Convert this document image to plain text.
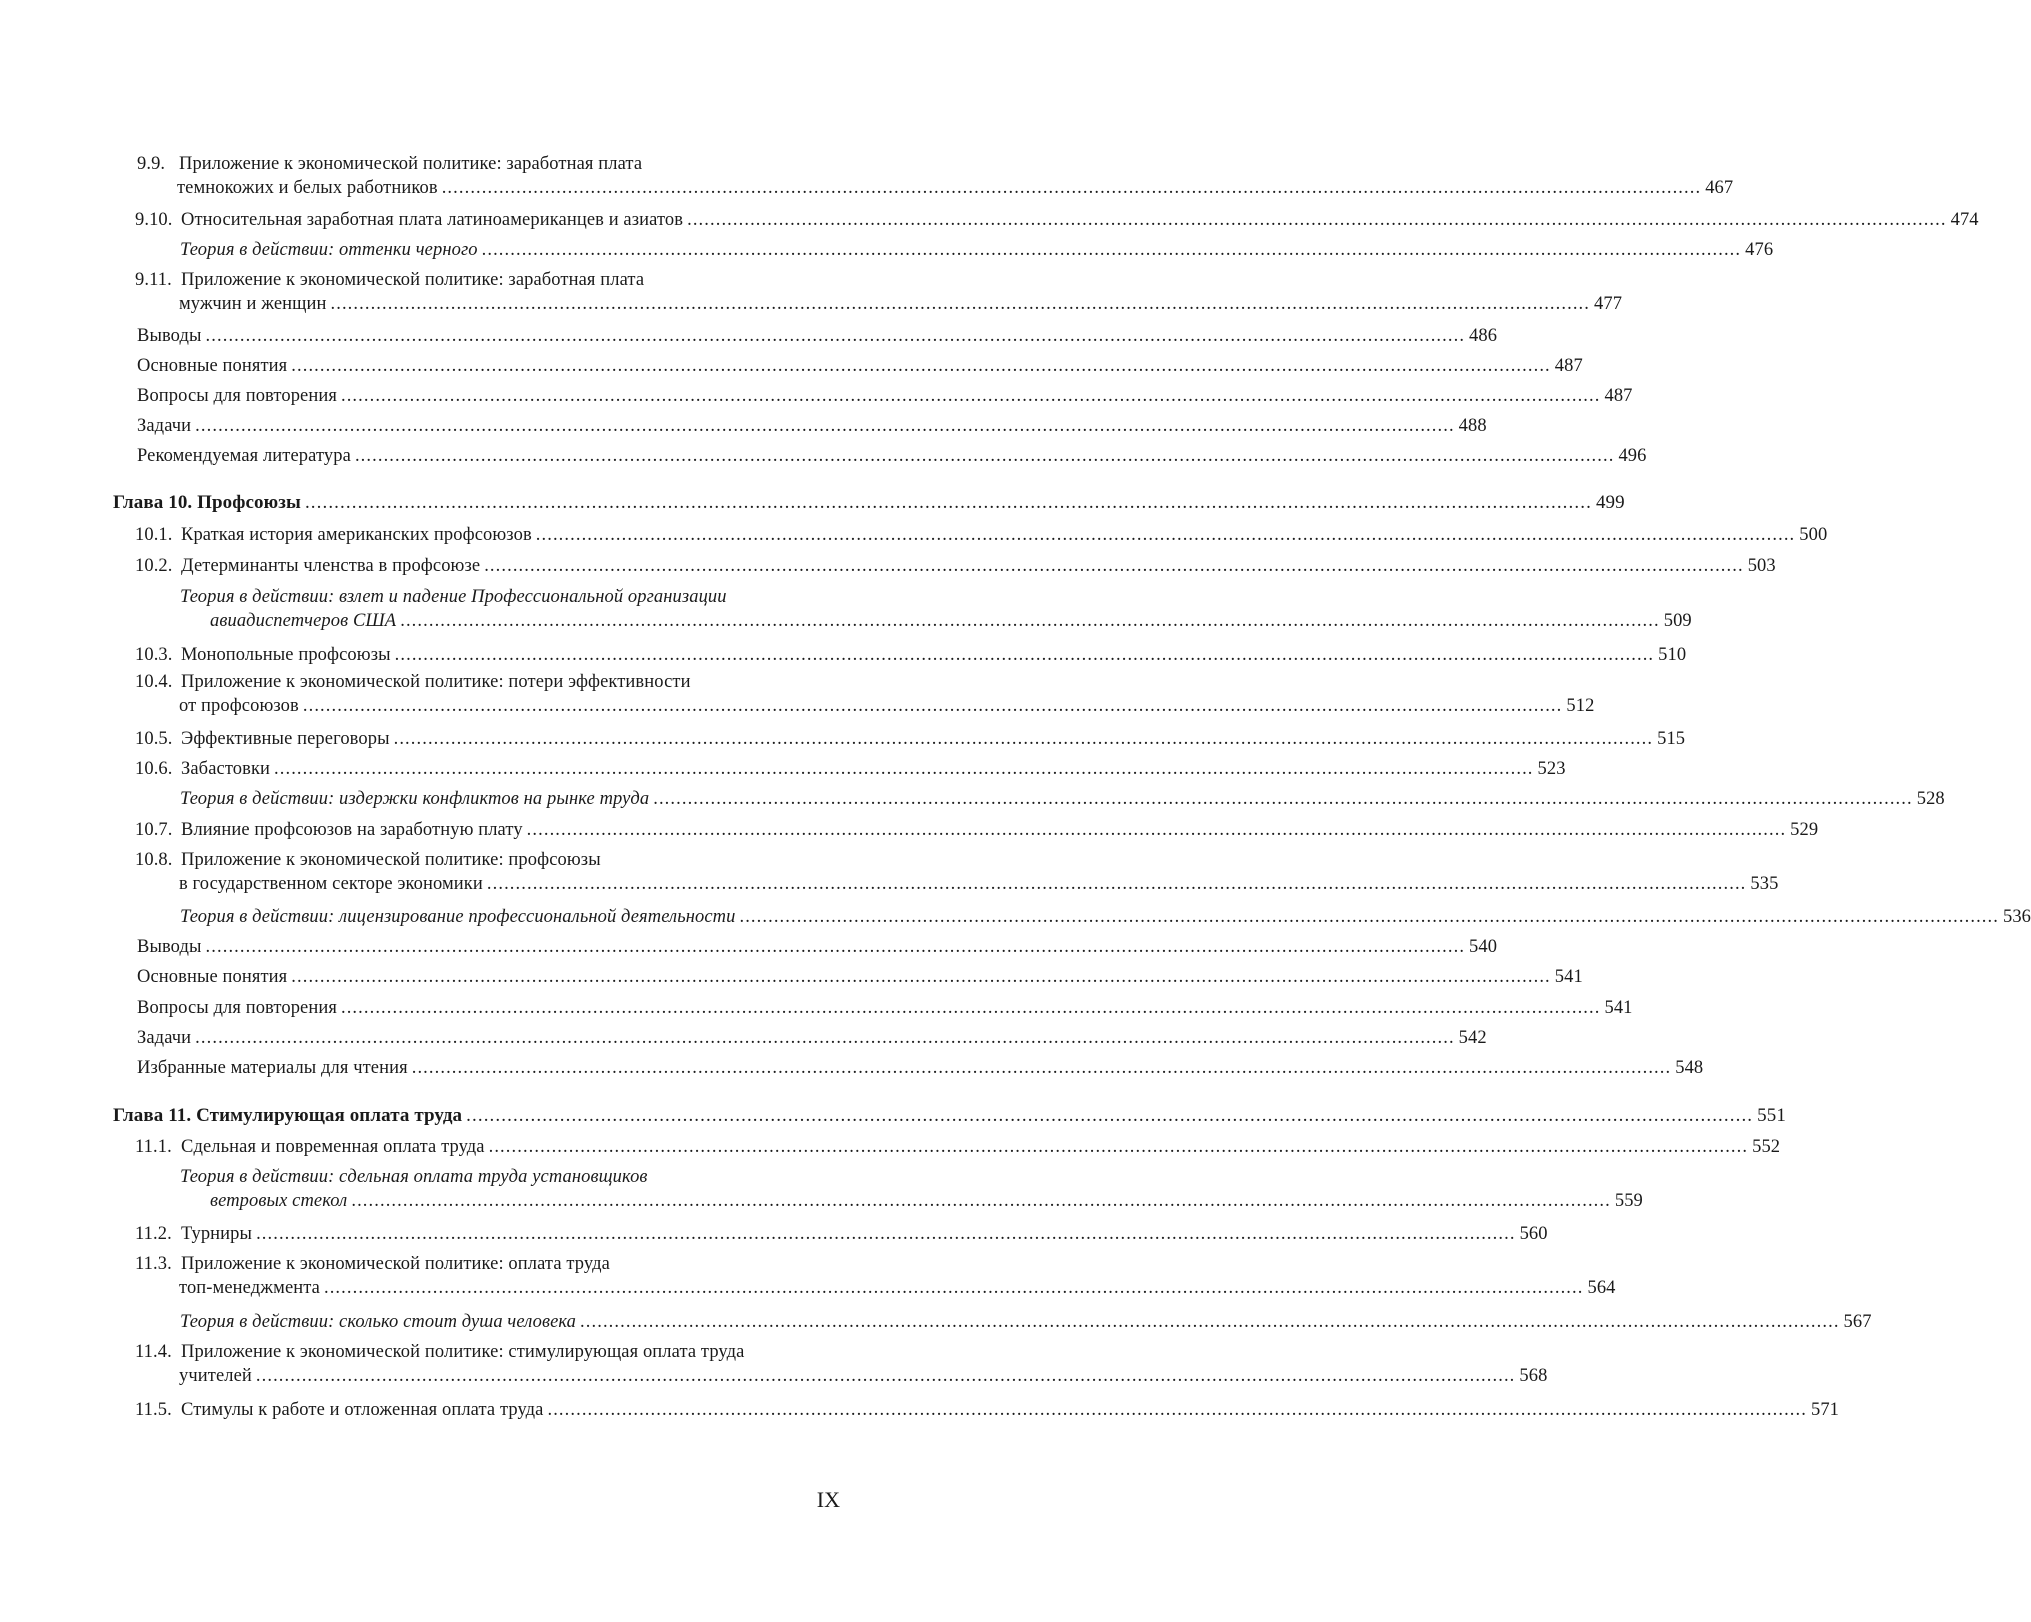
9.9. Приложение к экономической политике: заработная плата
темнокожих и белых работников ............................................................................................................................................................................................................................ 467
9.10. Относительная заработная плата латиноамериканцев и азиатов ............................................................................................................................................................................................................................ 474
Теория в действии: оттенки черного ............................................................................................................................................................................................................................ 476
9.11. Приложение к экономической политике: заработная плата
мужчин и женщин ............................................................................................................................................................................................................................ 477
Выводы ............................................................................................................................................................................................................................ 486
Основные понятия ............................................................................................................................................................................................................................ 487
Вопросы для повторения ............................................................................................................................................................................................................................ 487
Задачи ............................................................................................................................................................................................................................ 488
Рекомендуемая литература ............................................................................................................................................................................................................................ 496
Глава 10. Профсоюзы ............................................................................................................................................................................................................................ 499
10.1. Краткая история американских профсоюзов ............................................................................................................................................................................................................................ 500
10.2. Детерминанты членства в профсоюзе ............................................................................................................................................................................................................................ 503
Теория в действии: взлет и падение Профессиональной организации
авиадиспетчеров США ............................................................................................................................................................................................................................ 509
10.3. Монопольные профсоюзы ............................................................................................................................................................................................................................ 510
10.4. Приложение к экономической политике: потери эффективности
от профсоюзов ............................................................................................................................................................................................................................ 512
10.5. Эффективные переговоры ............................................................................................................................................................................................................................ 515
10.6. Забастовки ............................................................................................................................................................................................................................ 523
Теория в действии: издержки конфликтов на рынке труда ............................................................................................................................................................................................................................ 528
10.7. Влияние профсоюзов на заработную плату ............................................................................................................................................................................................................................ 529
10.8. Приложение к экономической политике: профсоюзы
в государственном секторе экономики ............................................................................................................................................................................................................................ 535
Теория в действии: лицензирование профессиональной деятельности ............................................................................................................................................................................................................................ 536
Выводы ............................................................................................................................................................................................................................ 540
Основные понятия ............................................................................................................................................................................................................................ 541
Вопросы для повторения ............................................................................................................................................................................................................................ 541
Задачи ............................................................................................................................................................................................................................ 542
Избранные материалы для чтения ............................................................................................................................................................................................................................ 548
Глава 11. Стимулирующая оплата труда ............................................................................................................................................................................................................................ 551
11.1. Сдельная и повременная оплата труда ............................................................................................................................................................................................................................ 552
Теория в действии: сдельная оплата труда установщиков
ветровых стекол ............................................................................................................................................................................................................................ 559
11.2. Турниры ............................................................................................................................................................................................................................ 560
11.3. Приложение к экономической политике: оплата труда
топ-менеджмента ............................................................................................................................................................................................................................ 564
Теория в действии: сколько стоит душа человека ............................................................................................................................................................................................................................ 567
11.4. Приложение к экономической политике: стимулирующая оплата труда
учителей ............................................................................................................................................................................................................................ 568
11.5. Стимулы к работе и отложенная оплата труда ............................................................................................................................................................................................................................ 571
IX
